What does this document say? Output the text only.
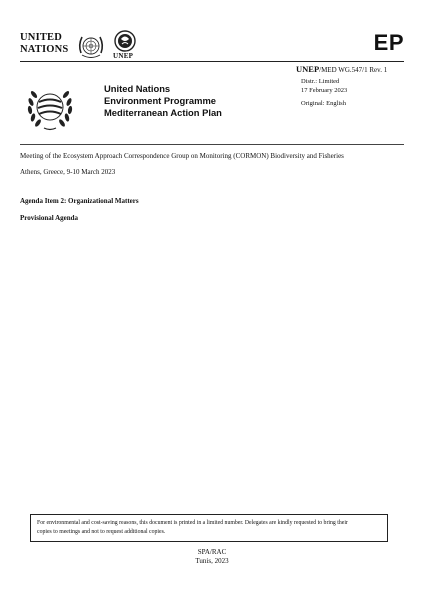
UNITED
NATIONS
UNEP
EP
UNEP/MED WG.547/1 Rev. 1
Distr.: Limited
17 February 2023
Original: English
United Nations
Environment Programme
Mediterranean Action Plan
Meeting of the Ecosystem Approach Correspondence Group on Monitoring (CORMON) Biodiversity and Fisheries
Athens, Greece, 9-10 March 2023
Agenda Item 2: Organizational Matters
Provisional Agenda
For environmental and cost-saving reasons, this document is printed in a limited number. Delegates are kindly requested to bring their
copies to meetings and not to request additional copies.
SPA/RAC
Tunis, 2023
